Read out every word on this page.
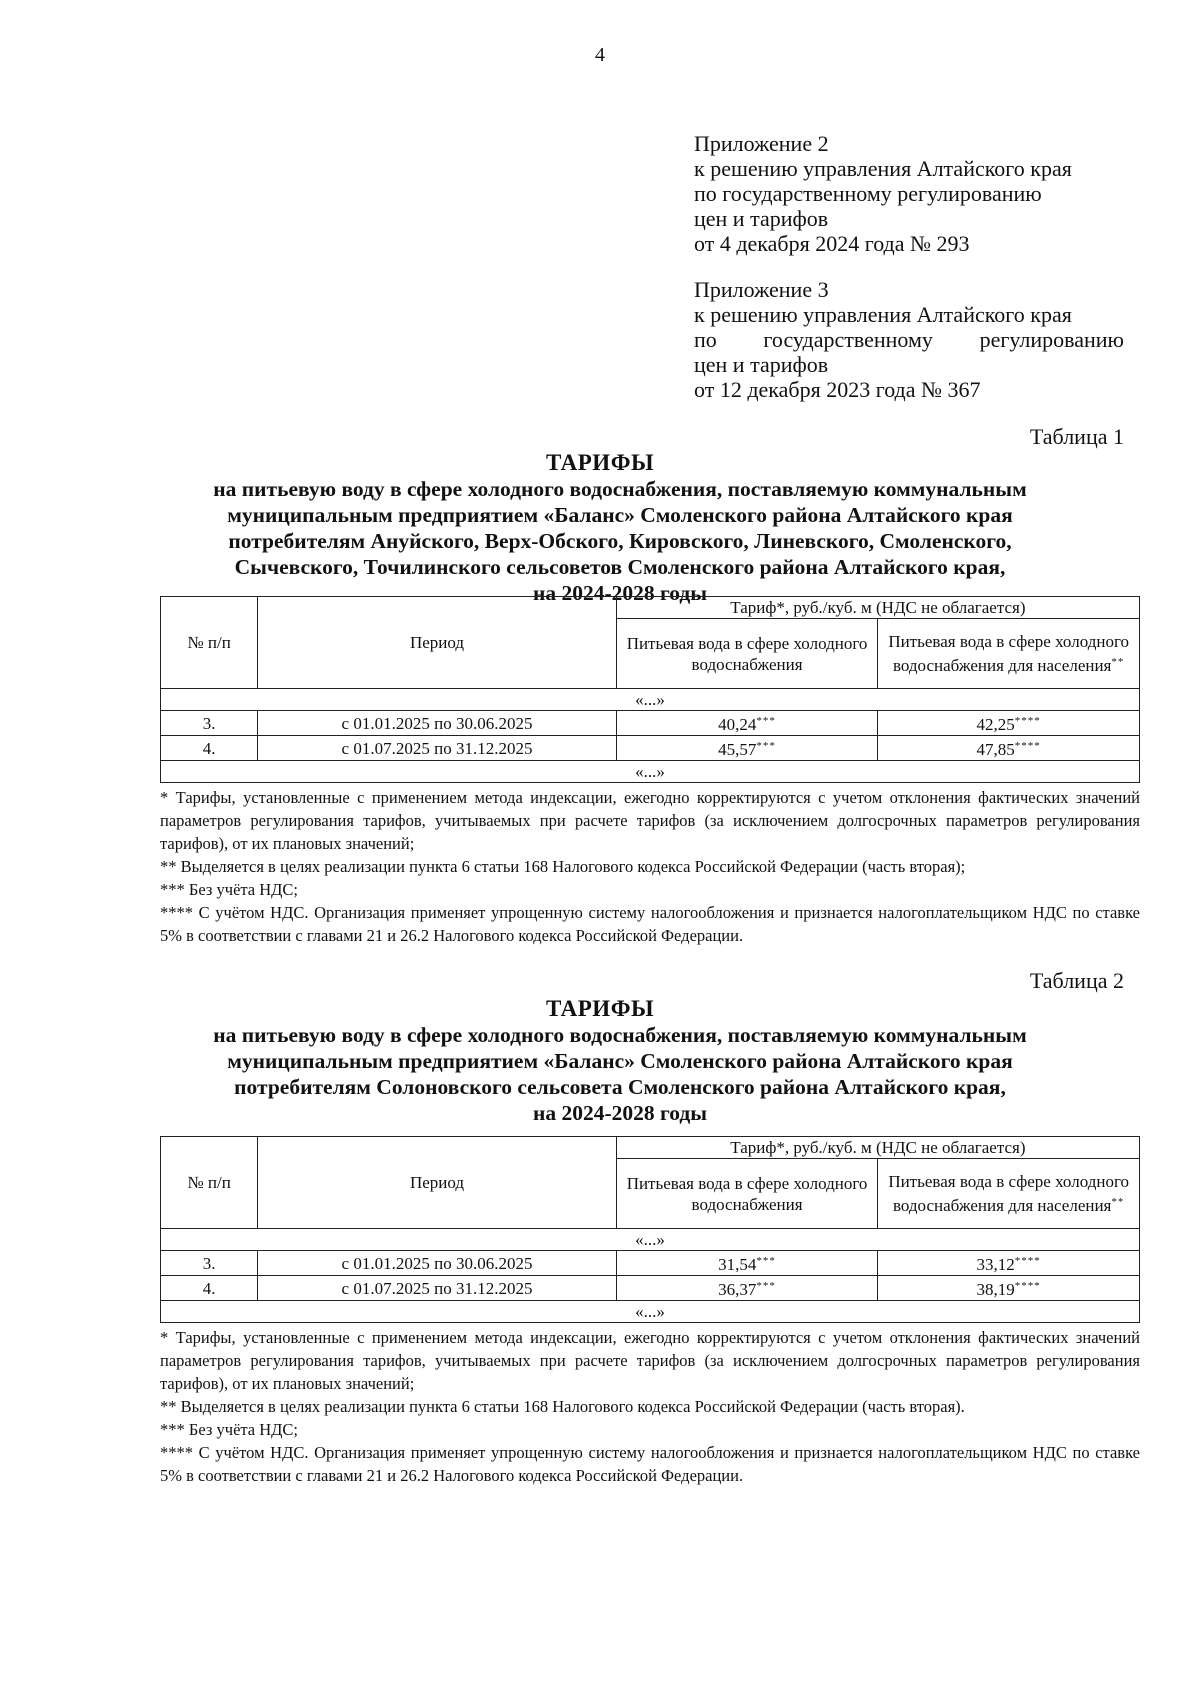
4
Приложение 2
к решению управления Алтайского края
по государственному регулированию
цен и тарифов
от 4 декабря 2024 года № 293
Приложение 3
к решению управления Алтайского края
по государственному регулированию
цен и тарифов
от 12 декабря 2023 года № 367
Таблица 1
ТАРИФЫ
на питьевую воду в сфере холодного водоснабжения, поставляемую коммунальным
муниципальным предприятием «Баланс» Смоленского района Алтайского края
потребителям Ануйского, Верх-Обского, Кировского, Линевского, Смоленского,
Сычевского, Точилинского сельсоветов Смоленского района Алтайского края,
на 2024-2028 годы
№ п/п	Период	Тариф*, руб./куб. м (НДС не облагается)	
		Питьевая вода в сфере холодного водоснабжения	Питьевая вода в сфере холодного водоснабжения для населения**
«...»			
3.	с 01.01.2025 по 30.06.2025	40,24***	42,25****
4.	с 01.07.2025 по 31.12.2025	45,57***	47,85****
«...»			

* Тарифы, установленные с применением метода индексации, ежегодно корректируются с учетом отклонения фактических значений параметров регулирования тарифов, учитываемых при расчете тарифов (за исключением долгосрочных параметров регулирования тарифов), от их плановых значений;

** Выделяется в целях реализации пункта 6 статьи 168 Налогового кодекса Российской Федерации (часть вторая);

*** Без учёта НДС;

**** С учётом НДС. Организация применяет упрощенную систему налогообложения и признается налогоплательщиком НДС по ставке 5% в соответствии с главами 21 и 26.2 Налогового кодекса Российской Федерации.

Таблица 2
ТАРИФЫ
на питьевую воду в сфере холодного водоснабжения, поставляемую коммунальным
муниципальным предприятием «Баланс» Смоленского района Алтайского края
потребителям Солоновского сельсовета Смоленского района Алтайского края,
на 2024-2028 годы
№ п/п	Период	Тариф*, руб./куб. м (НДС не облагается)	
		Питьевая вода в сфере холодного водоснабжения	Питьевая вода в сфере холодного водоснабжения для населения**
«...»			
3.	с 01.01.2025 по 30.06.2025	31,54***	33,12****
4.	с 01.07.2025 по 31.12.2025	36,37***	38,19****
«...»			

* Тарифы, установленные с применением метода индексации, ежегодно корректируются с учетом отклонения фактических значений параметров регулирования тарифов, учитываемых при расчете тарифов (за исключением долгосрочных параметров регулирования тарифов), от их плановых значений;

** Выделяется в целях реализации пункта 6 статьи 168 Налогового кодекса Российской Федерации (часть вторая).

*** Без учёта НДС;

**** С учётом НДС. Организация применяет упрощенную систему налогообложения и признается налогоплательщиком НДС по ставке 5% в соответствии с главами 21 и 26.2 Налогового кодекса Российской Федерации.
